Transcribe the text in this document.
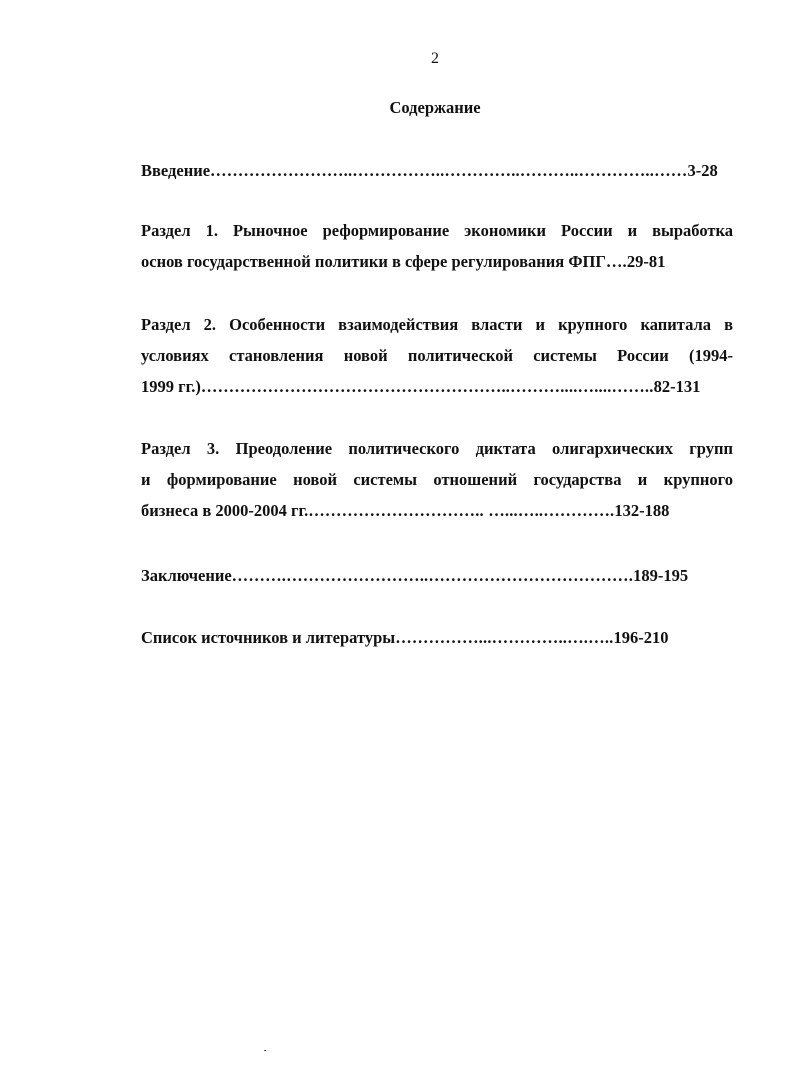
2
Содержание
Введение……………………..……………..…………..………..…………..……3-28
Раздел 1. Рыночное реформирование экономики России и выработка
основ государственной политики в сфере регулирования ФПГ….29-81
Раздел 2. Особенности взаимодействия власти и крупного капитала в
условиях становления новой политической системы России (1994-
1999 гг.)………………………………………………..………....…....……..82-131
Раздел 3. Преодоление политического диктата олигархических групп
и формирование новой системы отношений государства и крупного
бизнеса в 2000-2004 гг.………………………….. …...…..………….132-188
Заключение……….……………………..……………………………….189-195
Список источников и литературы……………...…………..….…..196-210
